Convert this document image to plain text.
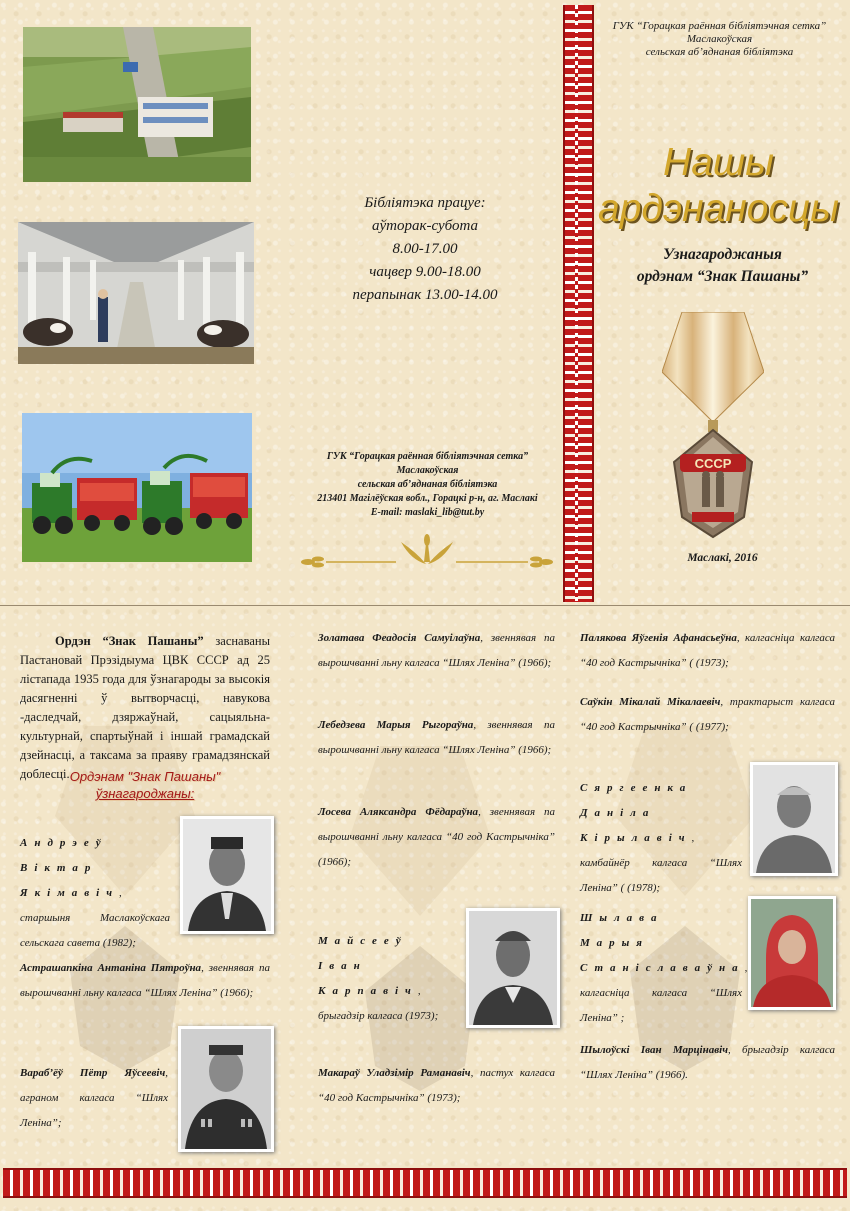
Бібліятэка працуе:
аўторак-субота
8.00-17.00
чацвер 9.00-18.00
перапынак 13.00-14.00
ГУК “Горацкая раённая бібліятэчная сетка”
Маслакоўская
сельская аб’яднаная бібліятэка
213401 Магілёўская вобл., Горацкі р-н, аг. Маслакі
E-mail: maslaki_lib@tut.by
ГУК “Горацкая раённая бібліятэчная сетка”
Маслакоўская
сельская аб’яднаная бібліятэка
Нашы
ардэнаносцы
Узнагароджаныя
ордэнам “Знак Пашаны”
СССР
Маслакі, 2016
Ордэн “Знак Пашаны” заснаваны Пастановай Прэзідыума ЦВК СССР ад 25 лістапада 1935 года для ўзнагароды за высокія дасягненні ў вытворчасці, навукова -даследчай, дзяржаўнай, сацыяльна-культурнай, спартыўнай і іншай грамадскай дзейнасці, а таксама за праяву грамадзянскай доблесці. Ордэнам "Знак Пашаны"
ўзнагароджаны:
Андрэеў Віктар Якімавіч, старшыня Маслакоўскага сельскага савета (1982);
Астрашапкіна Антаніна Пятроўна, звеннявая па вырошчванні льну калгаса “Шлях Леніна” (1966);
Вараб’ёў Пётр Яўсеевіч, аграном калгаса “Шлях Леніна”;
Золатава Феадосія Самуілаўна, звеннявая па вырошчванні льну калгаса “Шлях Леніна” (1966);
Лебедзева Марыя Рыгораўна, звеннявая па вырошчванні льну калгаса “Шлях Леніна” (1966);
Лосева Аляксандра Фёдараўна, звеннявая па вырошчванні льну калгаса “40 год Кастрычніка” (1966);
Майсееў Іван Карпавіч, брыгадзір калгаса (1973);
Макараў Уладзімір Раманавіч, пастух калгаса “40 год Кастрычніка” (1973);
Палякова Яўгенія Афанасьеўна, калгасніца калгаса “40 год Кастрычніка” ( (1973);
Саўкін Мікалай Мікалаевіч, трактарыст калгаса “40 год Кастрычніка” ( (1977);
Сяргеенка Даніла Кірылавіч, камбайнёр калгаса “Шлях Леніна” ( (1978);
Шылава Марыя Станіславаўна, калгасніца калгаса “Шлях Леніна” ;
Шылоўскі Іван Марцінавіч, брыгадзір калгаса “Шлях Леніна” (1966).
